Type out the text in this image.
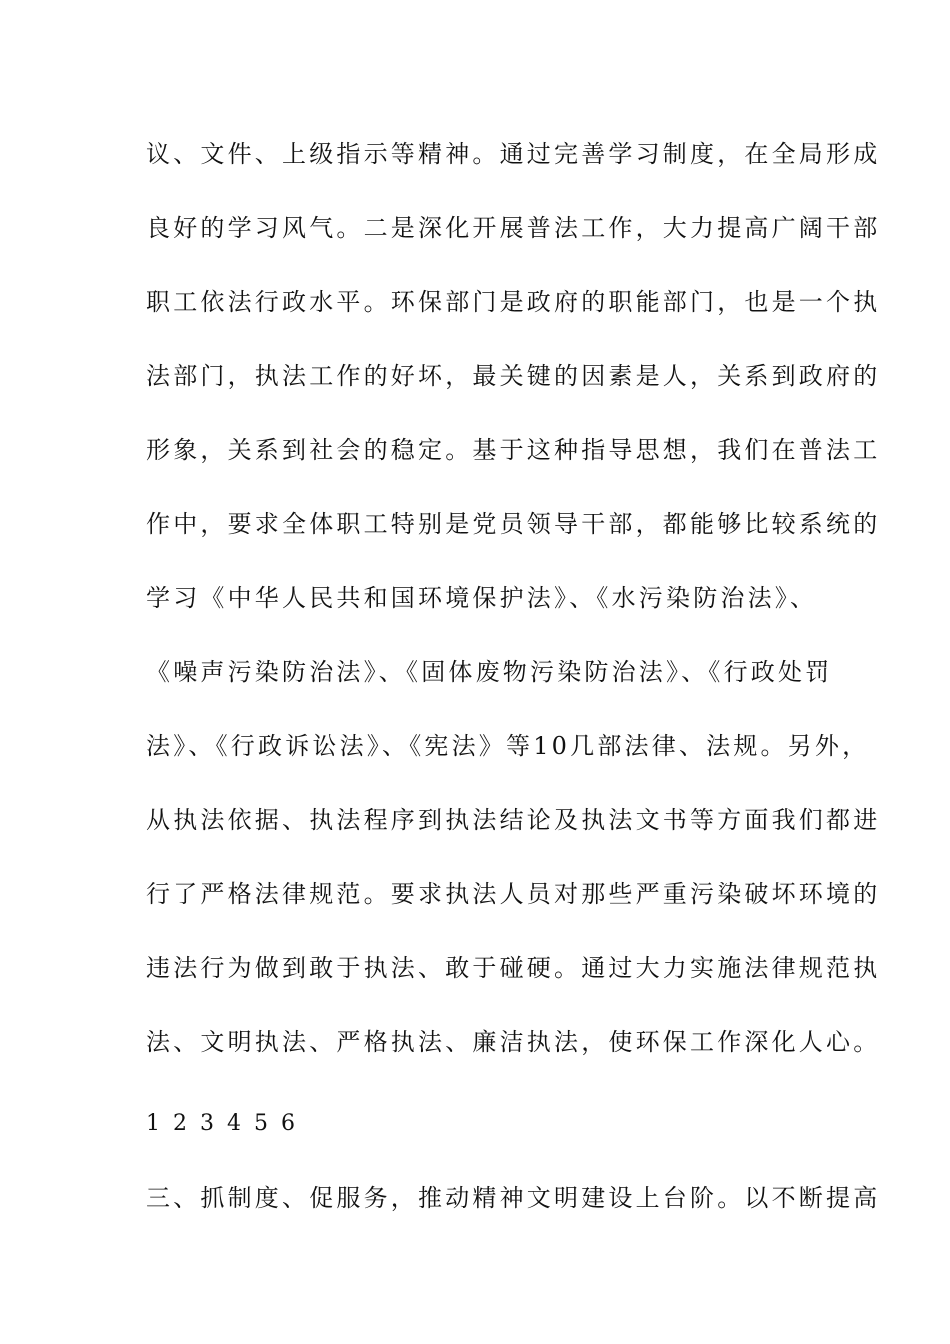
议、文件、上级指示等精神。通过完善学习制度，在全局形成
良好的学习风气。二是深化开展普法工作，大力提高广阔干部
职工依法行政水平。环保部门是政府的职能部门，也是一个执
法部门，执法工作的好坏，最关键的因素是人，关系到政府的
形象，关系到社会的稳定。基于这种指导思想，我们在普法工
作中，要求全体职工特别是党员领导干部，都能够比较系统的
学习《中华人民共和国环境保护法》、《水污染防治法》、
《噪声污染防治法》、《固体废物污染防治法》、《行政处罚
法》、《行政诉讼法》、《宪法》等10几部法律、法规。另外，
从执法依据、执法程序到执法结论及执法文书等方面我们都进
行了严格法律规范。要求执法人员对那些严重污染破坏环境的
违法行为做到敢于执法、敢于碰硬。通过大力实施法律规范执
法、文明执法、严格执法、廉洁执法，使环保工作深化人心。
1 2 3 4 5 6
三、抓制度、促服务，推动精神文明建设上台阶。以不断提高
